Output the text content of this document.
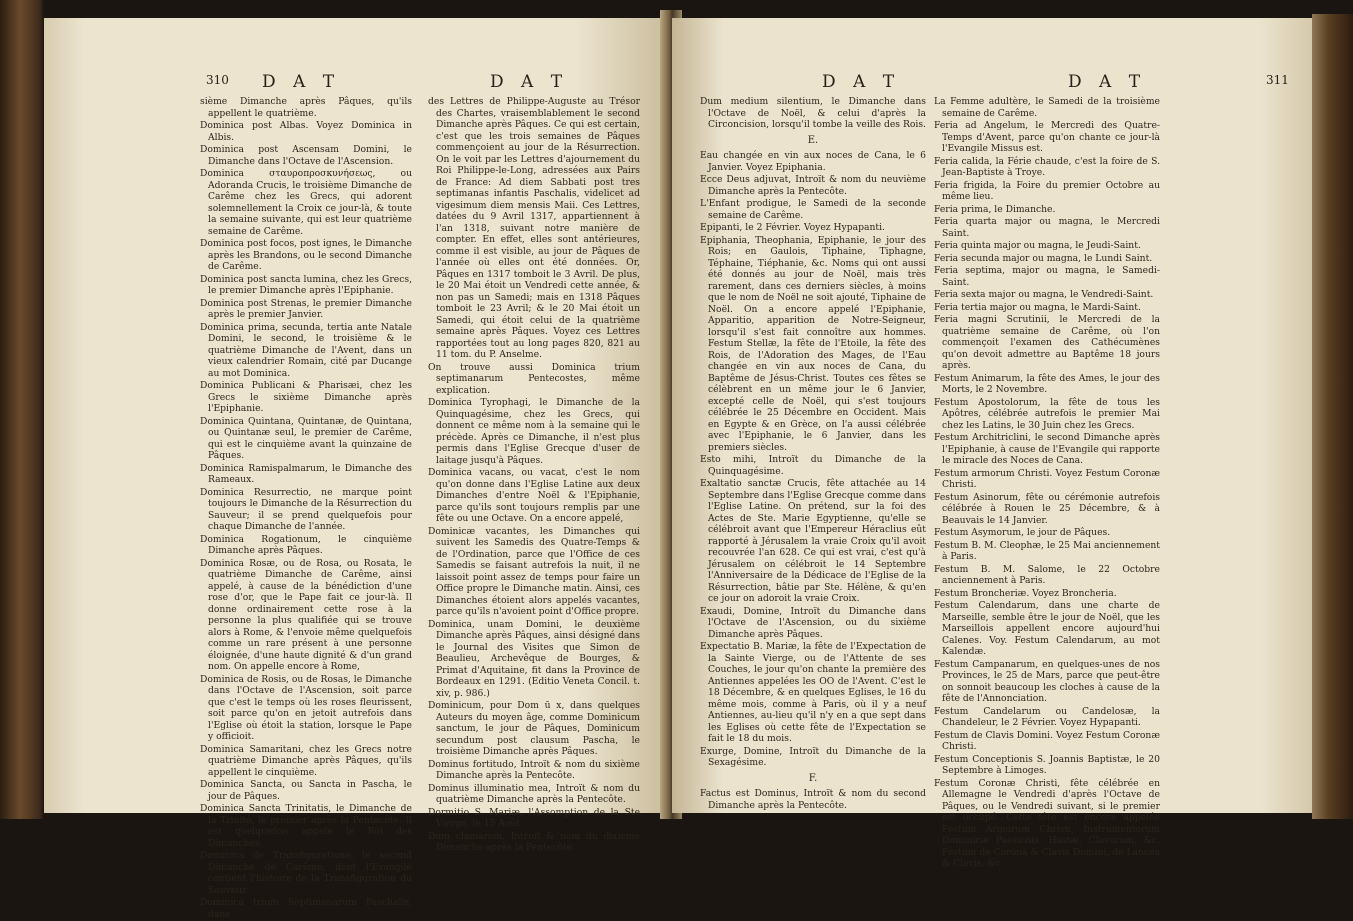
310 D A T	D A T

sième Dimanche après Pâques, qu'ils appellent le quatrième.

Dominica post Albas. Voyez Dominica in Albis.

Dominica post Ascensam Domini, le Dimanche dans l'Octave de l'Ascension.

Dominica σταυροπροσκυνήσεως, ou Adoranda Crucis, le troisième Dimanche de Carême chez les Grecs, qui adorent solemnellement la Croix ce jour-là, & toute la semaine suivante, qui est leur quatrième semaine de Carême.

Dominica post focos, post ignes, le Dimanche après les Brandons, ou le second Dimanche de Carême.

Dominica post sancta lumina, chez les Grecs, le premier Dimanche après l'Epiphanie.

Dominica post Strenas, le premier Dimanche après le premier Janvier.

Dominica prima, secunda, tertia ante Natale Domini, le second, le troisième & le quatrième Dimanche de l'Avent, dans un vieux calendrier Romain, cité par Ducange au mot Dominica.

Dominica Publicani & Pharisæi, chez les Grecs le sixième Dimanche après l'Epiphanie.

Dominica Quintana, Quintanæ, de Quintana, ou Quintanæ seul, le premier de Carême, qui est le cinquième avant la quinzaine de Pâques.

Dominica Ramispalmarum, le Dimanche des Rameaux.

Dominica Resurrectio, ne marque point toujours le Dimanche de la Résurrection du Sauveur; il se prend quelquefois pour chaque Dimanche de l'année.

Dominica Rogationum, le cinquième Dimanche après Pâques.

Dominica Rosæ, ou de Rosa, ou Rosata, le quatrième Dimanche de Carême, ainsi appelé, à cause de la bénédiction d'une rose d'or, que le Pape fait ce jour-là. Il donne ordinairement cette rose à la personne la plus qualifiée qui se trouve alors à Rome, & l'envoie même quelquefois comme un rare présent à une personne éloignée, d'une haute dignité & d'un grand nom. On appelle encore à Rome,

Dominica de Rosis, ou de Rosas, le Dimanche dans l'Octave de l'Ascension, soit parce que c'est le temps où les roses fleurissent, soit parce qu'on en jetoit autrefois dans l'Eglise où étoit la station, lorsque le Pape y officioit.

Dominica Samaritani, chez les Grecs notre quatrième Dimanche après Pâques, qu'ils appellent le cinquième.

Dominica Sancta, ou Sancta in Pascha, le jour de Pâques.

Dominica Sancta Trinitatis, le Dimanche de la Trinité, le premier après la Pentecôte. Il est quelquefois appelé le Roi des Dimanches.

Dominica de Transfiguratione, le second Dimanche de Carême, dont l'Evangile contient l'histoire de la Transfiguration du Sauveur.

Dominica trium Septimanarum Paschalis, dans

des Lettres de Philippe-Auguste au Trésor des Chartes, vraisemblablement le second Dimanche après Pâques. Ce qui est certain, c'est que les trois semaines de Pâques commençoient au jour de la Résurrection. On le voit par les Lettres d'ajournement du Roi Philippe-le-Long, adressées aux Pairs de France: Ad diem Sabbati post tres septimanas infantis Paschalis, videlicet ad vigesimum diem mensis Maii. Ces Lettres, datées du 9 Avril 1317, appartiennent à l'an 1318, suivant notre manière de compter. En effet, elles sont antérieures, comme il est visible, au jour de Pâques de l'année où elles ont été données. Or, Pâques en 1317 tomboit le 3 Avril. De plus, le 20 Mai étoit un Vendredi cette année, & non pas un Samedi; mais en 1318 Pâques tomboit le 23 Avril; & le 20 Mai étoit un Samedi, qui étoit celui de la quatrième semaine après Pâques. Voyez ces Lettres rapportées tout au long pages 820, 821 au 11 tom. du P. Anselme.

On trouve aussi Dominica trium septimanarum Pentecostes, même explication.

Dominica Tyrophagi, le Dimanche de la Quinquagésime, chez les Grecs, qui donnent ce même nom à la semaine qui le précède. Après ce Dimanche, il n'est plus permis dans l'Eglise Grecque d'user de laitage jusqu'à Pâques.

Dominica vacans, ou vacat, c'est le nom qu'on donne dans l'Eglise Latine aux deux Dimanches d'entre Noël & l'Epiphanie, parce qu'ils sont toujours remplis par une fête ou une Octave. On a encore appelé,

Dominicæ vacantes, les Dimanches qui suivent les Samedis des Quatre-Temps & de l'Ordination, parce que l'Office de ces Samedis se faisant autrefois la nuit, il ne laissoit point assez de temps pour faire un Office propre le Dimanche matin. Ainsi, ces Dimanches étoient alors appelés vacantes, parce qu'ils n'avoient point d'Office propre.

Dominica, unam Domini, le deuxième Dimanche après Pâques, ainsi désigné dans le Journal des Visites que Simon de Beaulieu, Archevêque de Bourges, & Primat d'Aquitaine, fit dans la Province de Bordeaux en 1291. (Editio Veneta Concil. t. xiv, p. 986.)

Dominicum, pour Dom ū x, dans quelques Auteurs du moyen âge, comme Dominicum sanctum, le jour de Pâques, Dominicum secundum post clausum Pascha, le troisième Dimanche après Pâques.

Dominus fortitudo, Introït & nom du sixième Dimanche après la Pentecôte.

Dominus illuminatio mea, Introït & nom du quatrième Dimanche après la Pentecôte.

Dormitio S. Mariæ, l'Assomption de la Ste Vierge, le 15 Août.

Dum clamarem, Introït & nom du dixième Dimanche après la Pentecôte.

D A T	D A T	311

Dum medium silentium, le Dimanche dans l'Octave de Noël, & celui d'après la Circoncision, lorsqu'il tombe la veille des Rois.

E.

Eau changée en vin aux noces de Cana, le 6 Janvier. Voyez Epiphania.

Ecce Deus adjuvat, Introït & nom du neuvième Dimanche après la Pentecôte.

L'Enfant prodigue, le Samedi de la seconde semaine de Carême.

Epipanti, le 2 Février. Voyez Hypapanti.

Epiphania, Theophania, Epiphanie, le jour des Rois; en Gaulois, Tiphaine, Tiphagne, Téphaine, Tiéphanie, &c. Noms qui ont aussi été donnés au jour de Noël, mais très rarement, dans ces derniers siècles, à moins que le nom de Noël ne soit ajouté, Tiphaine de Noël. On a encore appelé l'Epiphanie, Apparitio, apparition de Notre-Seigneur, lorsqu'il s'est fait connoître aux hommes. Festum Stellæ, la fête de l'Etoile, la fête des Rois, de l'Adoration des Mages, de l'Eau changée en vin aux noces de Cana, du Baptême de Jésus-Christ. Toutes ces fêtes se célèbrent en un même jour le 6 Janvier, excepté celle de Noël, qui s'est toujours célébrée le 25 Décembre en Occident. Mais en Egypte & en Grèce, on l'a aussi célébrée avec l'Epiphanie, le 6 Janvier, dans les premiers siècles.

Esto mihi, Introït du Dimanche de la Quinquagésime.

Exaltatio sanctæ Crucis, fête attachée au 14 Septembre dans l'Eglise Grecque comme dans l'Eglise Latine. On prétend, sur la foi des Actes de Ste. Marie Egyptienne, qu'elle se célébroit avant que l'Empereur Héraclius eût rapporté à Jérusalem la vraie Croix qu'il avoit recouvrée l'an 628. Ce qui est vrai, c'est qu'à Jérusalem on célébroit le 14 Septembre l'Anniversaire de la Dédicace de l'Eglise de la Résurrection, bâtie par Ste. Hélène, & qu'en ce jour on adoroit la vraie Croix.

Exaudi, Domine, Introït du Dimanche dans l'Octave de l'Ascension, ou du sixième Dimanche après Pâques.

Expectatio B. Mariæ, la fête de l'Expectation de la Sainte Vierge, ou de l'Attente de ses Couches, le jour qu'on chante la première des Antiennes appelées les OO de l'Avent. C'est le 18 Décembre, & en quelques Eglises, le 16 du même mois, comme à Paris, où il y a neuf Antiennes, au-lieu qu'il n'y en a que sept dans les Eglises où cette fête de l'Expectation se fait le 18 du mois.

Exurge, Domine, Introït du Dimanche de la Sexagésime.

F.

Factus est Dominus, Introït & nom du second Dimanche après la Pentecôte.

La Femme adultère, le Samedi de la troisième semaine de Carême.

Feria ad Angelum, le Mercredi des Quatre-Temps d'Avent, parce qu'on chante ce jour-là l'Evangile Missus est.

Feria calida, la Férie chaude, c'est la foire de S. Jean-Baptiste à Troye.

Feria frigida, la Foire du premier Octobre au même lieu.

Feria prima, le Dimanche.

Feria quarta major ou magna, le Mercredi Saint.

Feria quinta major ou magna, le Jeudi-Saint.

Feria secunda major ou magna, le Lundi Saint.

Feria septima, major ou magna, le Samedi-Saint.

Feria sexta major ou magna, le Vendredi-Saint.

Feria tertia major ou magna, le Mardi-Saint.

Feria magni Scrutinii, le Mercredi de la quatrième semaine de Carême, où l'on commençoit l'examen des Cathécumènes qu'on devoit admettre au Baptême 18 jours après.

Festum Animarum, la fête des Ames, le jour des Morts, le 2 Novembre.

Festum Apostolorum, la fête de tous les Apôtres, célébrée autrefois le premier Mai chez les Latins, le 30 Juin chez les Grecs.

Festum Architriclini, le second Dimanche après l'Epiphanie, à cause de l'Evangile qui rapporte le miracle des Noces de Cana.

Festum armorum Christi. Voyez Festum Coronæ Christi.

Festum Asinorum, fête ou cérémonie autrefois célébrée à Rouen le 25 Décembre, & à Beauvais le 14 Janvier.

Festum Asymorum, le jour de Pâques.

Festum B. M. Cleophæ, le 25 Mai anciennement à Paris.

Festum B. M. Salome, le 22 Octobre anciennement à Paris.

Festum Broncheriæ. Voyez Broncheria.

Festum Calendarum, dans une charte de Marseille, semble être le jour de Noël, que les Marseillois appellent encore aujourd'hui Calenes. Voy. Festum Calendarum, au mot Kalendæ.

Festum Campanarum, en quelques-unes de nos Provinces, le 25 de Mars, parce que peut-être on sonnoit beaucoup les cloches à cause de la fête de l'Annonciation.

Festum Candelarum ou Candelosæ, la Chandeleur, le 2 Février. Voyez Hypapanti.

Festum de Clavis Domini. Voyez Festum Coronæ Christi.

Festum Conceptionis S. Joannis Baptistæ, le 20 Septembre à Limoges.

Festum Coronæ Christi, fête célébrée en Allemagne le Vendredi d'après l'Octave de Pâques, ou le Vendredi suivant, si le premier est occupé. Cette fête est encore appelée Festum Armorum Christi, Instrumentorum Dominicæ Passionis, Hastæ, Clavorum, &c. Festum de Corona & Clavis Domini, de Lancea & Clavis, &c.
